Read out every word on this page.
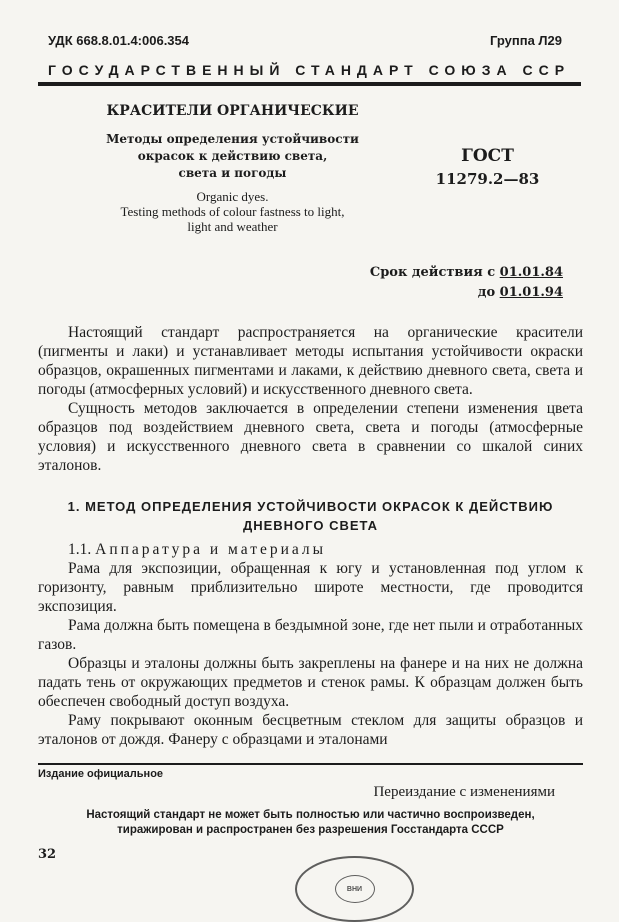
УДК 668.8.01.4:006.354	Группа Л29
ГОСУДАРСТВЕННЫЙ СТАНДАРТ СОЮЗА ССР
КРАСИТЕЛИ ОРГАНИЧЕСКИЕ
Методы определения устойчивости
окрасок к действию света,
света и погоды
Organic dyes.
Testing methods of colour fastness to light,
light and weather
ГОСТ
11279.2—83
Срок действия с 01.01.84
до 01.01.94

Настоящий стандарт распространяется на органические красители (пигменты и лаки) и устанавливает методы испытания устойчивости окраски образцов, окрашенных пигментами и лаками, к действию дневного света, света и погоды (атмосферных условий) и искусственного дневного света.

Сущность методов заключается в определении степени изменения цвета образцов под воздействием дневного света, света и погоды (атмосферные условия) и искусственного дневного света в сравнении со шкалой синих эталонов.

1. МЕТОД ОПРЕДЕЛЕНИЯ УСТОЙЧИВОСТИ ОКРАСОК К ДЕЙСТВИЮ
ДНЕВНОГО СВЕТА

1.1. Аппаратура и материалы

Рама для экспозиции, обращенная к югу и установленная под углом к горизонту, равным приблизительно широте местности, где проводится экспозиция.

Рама должна быть помещена в бездымной зоне, где нет пыли и отработанных газов.

Образцы и эталоны должны быть закреплены на фанере и на них не должна падать тень от окружающих предметов и стенок рамы. К образцам должен быть обеспечен свободный доступ воздуха.

Раму покрывают оконным бесцветным стеклом для защиты образцов и эталонов от дождя. Фанеру с образцами и эталонами

Издание официальное
Переиздание с изменениями
Настоящий стандарт не может быть полностью или частично воспроизведен,
тиражирован и распространен без разрешения Госстандарта СССР
32
ВНИ
